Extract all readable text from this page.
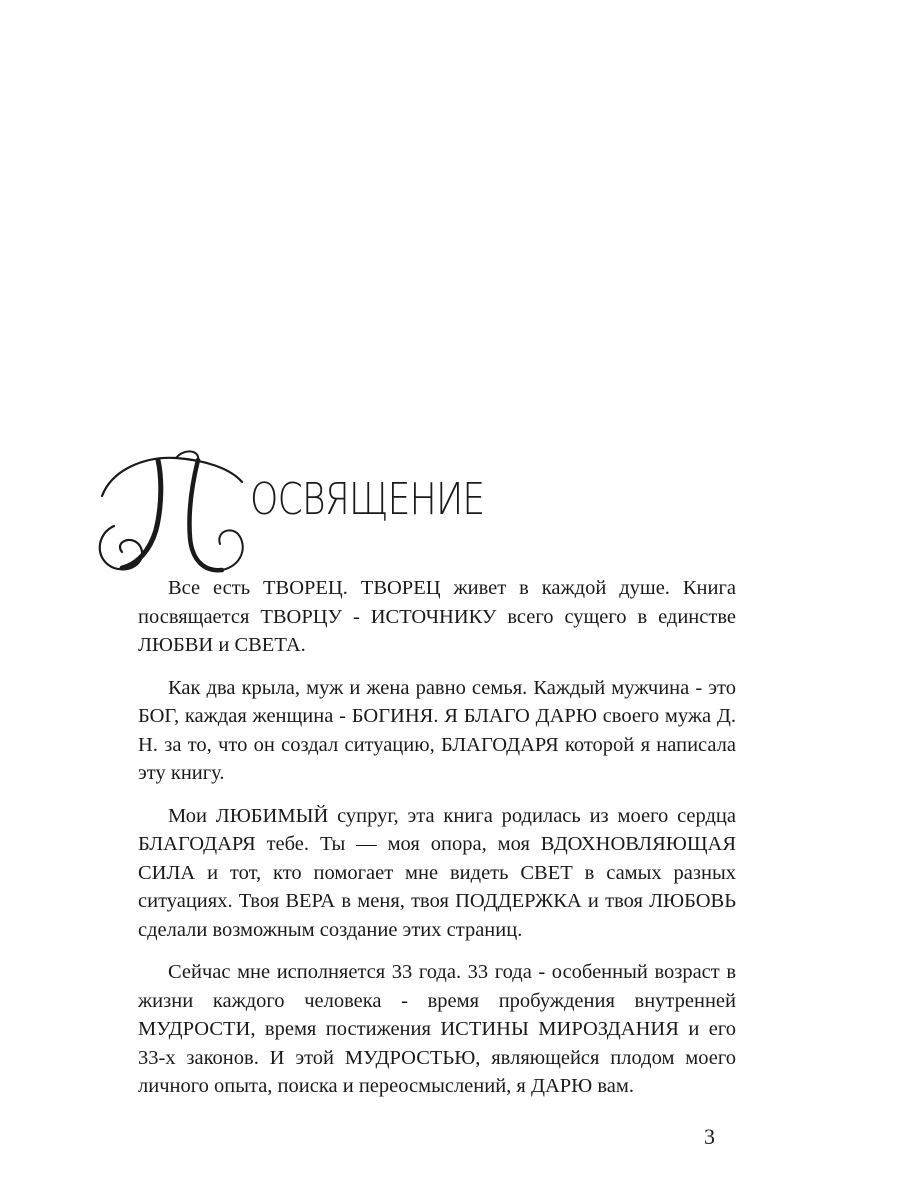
ОСВЯЩЕНИЕ

Все есть ТВОРЕЦ. ТВОРЕЦ живет в каждой душе. Книга посвящается ТВОРЦУ - ИСТОЧНИКУ всего сущего в единстве ЛЮБВИ и СВЕТА.

Как два крыла, муж и жена равно семья. Каждый мужчина - это БОГ, каждая женщина - БОГИНЯ. Я БЛАГО ДАРЮ своего мужа Д. Н. за то, что он создал ситуацию, БЛАГОДАРЯ которой я написала эту книгу.

Мои ЛЮБИМЫЙ супруг, эта книга родилась из моего сердца БЛАГОДАРЯ тебе. Ты — моя опора, моя ВДОХНОВЛЯЮЩАЯ СИЛА и тот, кто помогает мне видеть СВЕТ в самых разных ситуациях. Твоя ВЕРА в меня, твоя ПОДДЕРЖКА и твоя ЛЮБОВЬ сделали возможным создание этих страниц.

Сейчас мне исполняется 33 года. 33 года - особенный возраст в жизни каждого человека - время пробуждения внутренней МУДРОСТИ, время постижения ИСТИНЫ МИРОЗДАНИЯ и его 33-х законов. И этой МУДРОСТЬЮ, являющейся плодом моего личного опыта, поиска и переосмыслений, я ДАРЮ вам.

3
